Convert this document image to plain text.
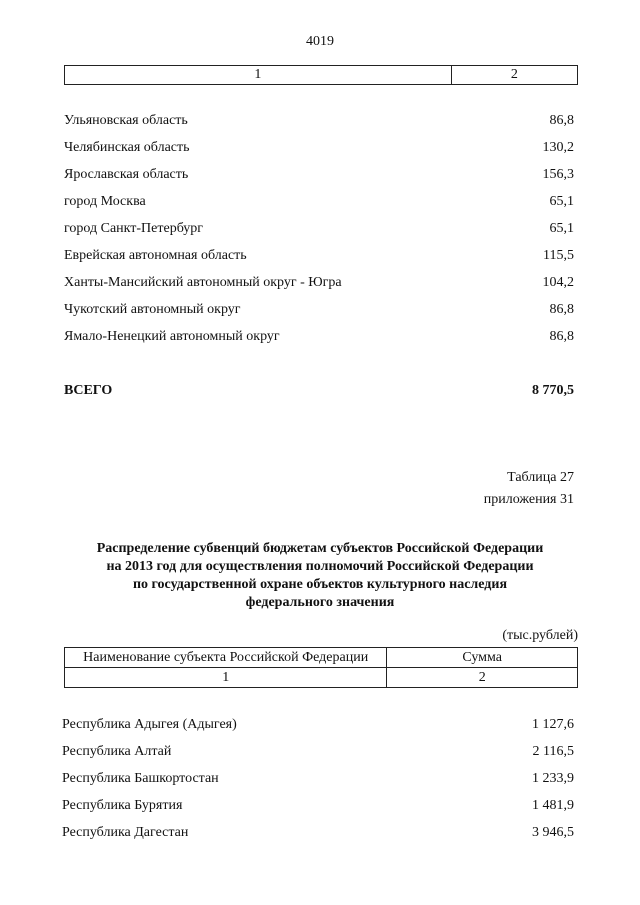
4019
1	2
Ульяновская область	86,8
Челябинская область	130,2
Ярославская область	156,3
город Москва	65,1
город Санкт-Петербург	65,1
Еврейская автономная область	115,5
Ханты-Мансийский автономный округ - Югра	104,2
Чукотский автономный округ	86,8
Ямало-Ненецкий автономный округ	86,8
ВСЕГО	8 770,5
Таблица 27
приложения 31
Распределение субвенций бюджетам субъектов Российской Федерации
на 2013 год для осуществления полномочий Российской Федерации
по государственной охране объектов культурного наследия
федерального значения
(тыс.рублей)
Наименование субъекта Российской Федерации	Сумма
1	2
Республика Адыгея (Адыгея)	1 127,6
Республика Алтай	2 116,5
Республика Башкортостан	1 233,9
Республика Бурятия	1 481,9
Республика Дагестан	3 946,5
